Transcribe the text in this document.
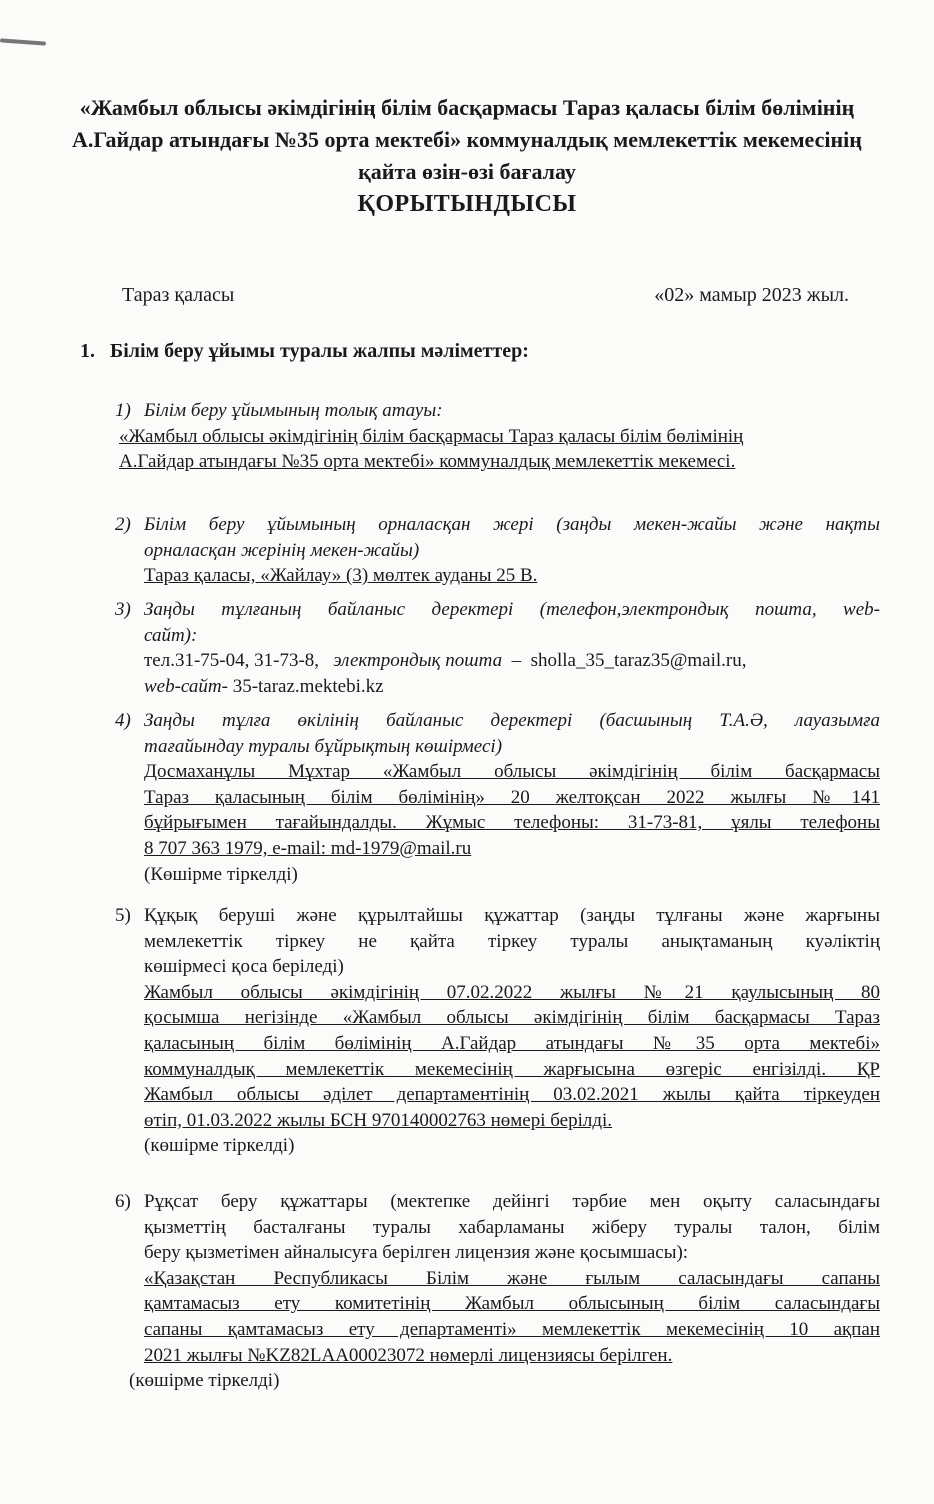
«Жамбыл облысы әкімдігінің білім басқармасы Тараз қаласы білім бөлімінің
А.Гайдар атындағы №35 орта мектебі» коммуналдық мемлекеттік мекемесінің
қайта өзін-өзі бағалау
ҚОРЫТЫНДЫСЫ
Тараз қаласы	«02» мамыр 2023 жыл.
1. Білім беру ұйымы туралы жалпы мәліметтер:
1) Білім беру ұйымының толық атауы:
«Жамбыл облысы әкімдігінің білім басқармасы Тараз қаласы білім бөлімінің
А.Гайдар атындағы №35 орта мектебі» коммуналдық мемлекеттік мекемесі.
2) Білім беру ұйымының орналасқан жері (заңды мекен-жайы және нақты
орналасқан жерінің мекен-жайы)
Тараз қаласы, «Жайлау» (3) мөлтек ауданы 25 В.
3) Заңды тұлғаның байланыс деректері (телефон,электрондық пошта, web-
сайт):
тел.31-75-04, 31-73-8, электрондық пошта – sholla_35_taraz35@mail.ru,
web-сайт- 35-taraz.mektebi.kz
4) Заңды тұлға өкілінің байланыс деректері (басшының Т.А.Ә, лауазымға
тағайындау туралы бұйрықтың көшірмесі)
Досмаханұлы Мұхтар «Жамбыл облысы әкімдігінің білім басқармасы
Тараз қаласының білім бөлімінің» 20 желтоқсан 2022 жылғы №141
бұйрығымен тағайындалды. Жұмыс телефоны: 31-73-81, ұялы телефоны
8 707 363 1979, e-mail: md-1979@mail.ru
(Көшірме тіркелді)
5) Құқық беруші және құрылтайшы құжаттар (заңды тұлғаны және жарғыны
мемлекеттік тіркеу не қайта тіркеу туралы анықтаманың куәліктің
көшірмесі қоса беріледі)
Жамбыл облысы әкімдігінің 07.02.2022 жылғы №21 қаулысының 80
қосымша негізінде «Жамбыл облысы әкімдігінің білім басқармасы Тараз
қаласының білім бөлімінің А.Гайдар атындағы №35 орта мектебі»
коммуналдық мемлекеттік мекемесінің жарғысына өзгеріс енгізілді. ҚР
Жамбыл облысы әділет департаментінің 03.02.2021 жылы қайта тіркеуден
өтіп, 01.03.2022 жылы БСН 970140002763 нөмері берілді.
(көшірме тіркелді)
6) Рұқсат беру құжаттары (мектепке дейінгі тәрбие мен оқыту саласындағы
қызметтің басталғаны туралы хабарламаны жіберу туралы талон, білім
беру қызметімен айналысуға берілген лицензия және қосымшасы):
«Қазақстан Республикасы Білім және ғылым саласындағы сапаны
қамтамасыз ету комитетінің Жамбыл облысының білім саласындағы
сапаны қамтамасыз ету департаменті» мемлекеттік мекемесінің 10 ақпан
2021 жылғы №KZ82LAA00023072 нөмерлі лицензиясы берілген.
(көшірме тіркелді)
